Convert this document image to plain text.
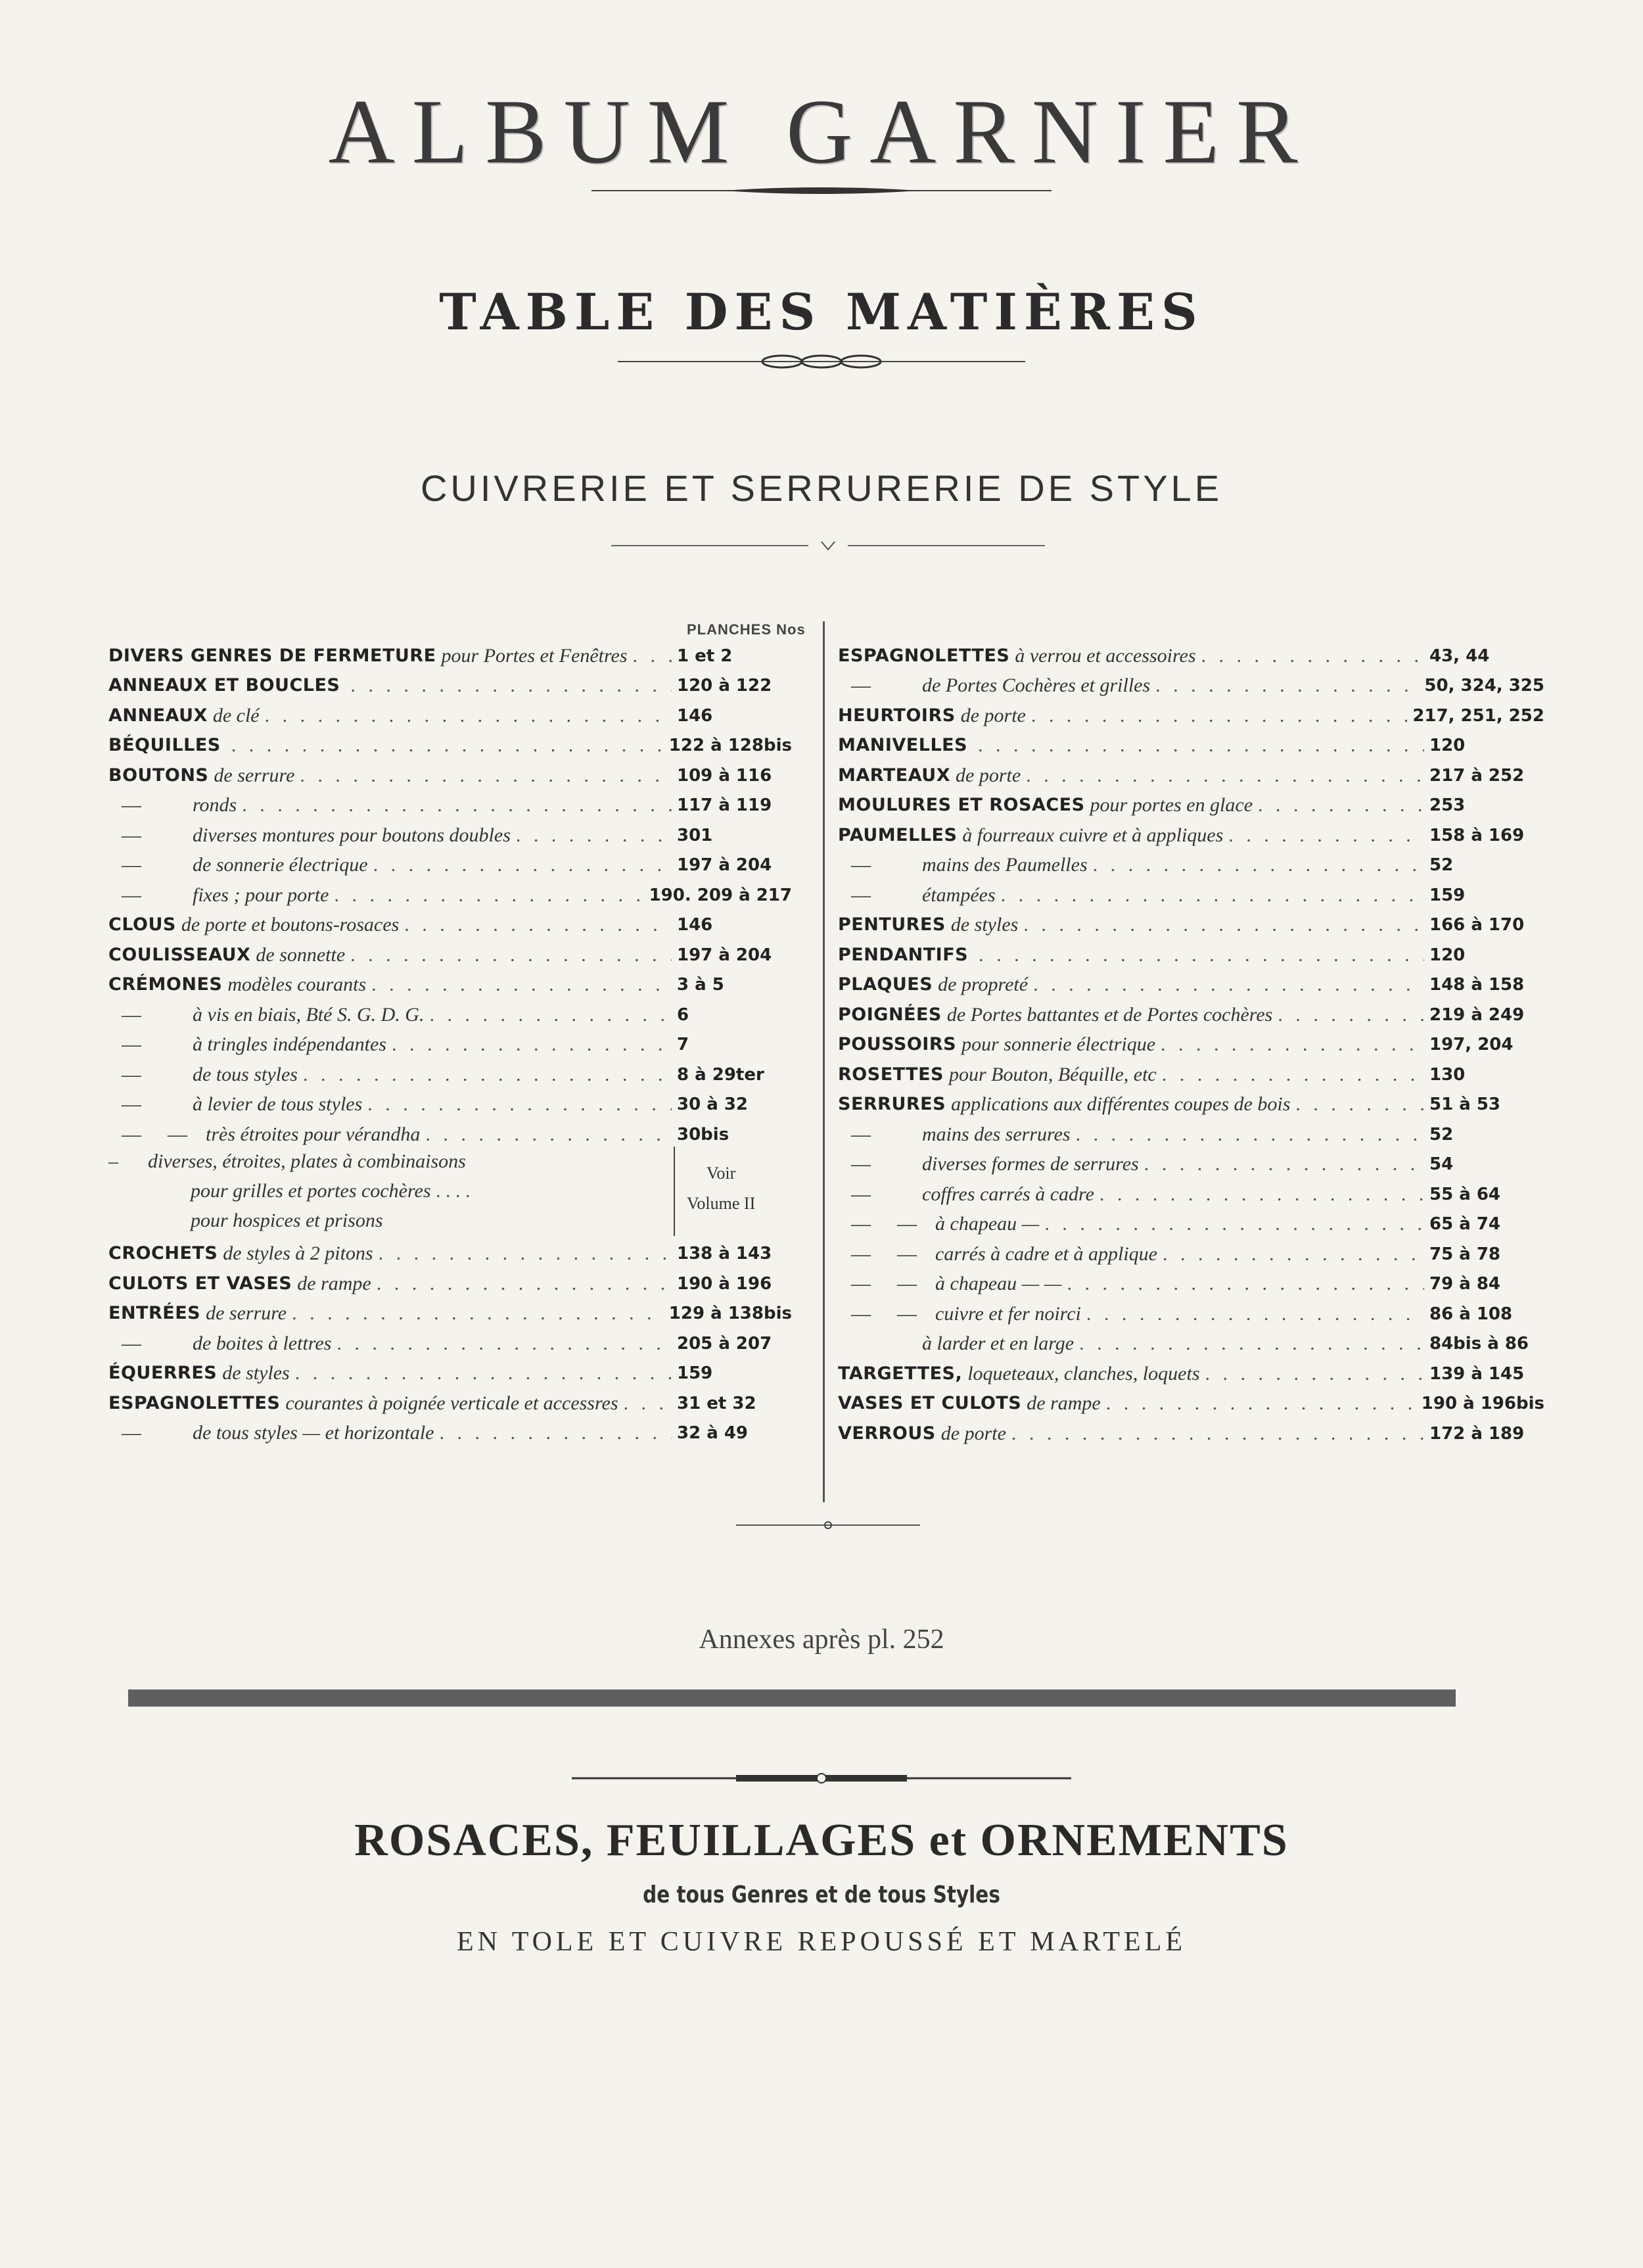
ALBUM GARNIER
TABLE DES MATIÈRES
CUIVRERIE ET SERRURERIE DE STYLE
PLANCHES Nos
DIVERS GENRES DE FERMETURE pour Portes et Fenêtres . . .	1 et 2
ANNEAUX ET BOUCLES . . .	120 à 122
ANNEAUX de clé . . .	146
BÉQUILLES . . .	122 à 128bis
BOUTONS de serrure . . .	109 à 116
—	ronds . . .	117 à 119
—	diverses montures pour boutons doubles . . .	301
—	de sonnerie électrique . . .	197 à 204
—	fixes ; pour porte . . .	190. 209 à 217
CLOUS de porte et boutons-rosaces . . .	146
COULISSEAUX de sonnette . . .	197 à 204
CRÉMONES modèles courants . . .	3 à 5
—	à vis en biais, Bté S. G. D. G. . . .	6
—	à tringles indépendantes . . .	7
—	de tous styles . . .	8 à 29ter
—	à levier de tous styles . . .	30 à 32
—	— très étroites pour vérandha . . .	30bis
– diverses, étroites, plates à combinaisons
pour grilles et portes cochères . . . .
pour hospices et prisons
Voir
Volume II
CROCHETS de styles à 2 pitons . . .	138 à 143
CULOTS ET VASES de rampe . . .	190 à 196
ENTRÉES de serrure . . .	129 à 138bis
—	de boites à lettres . . .	205 à 207
ÉQUERRES de styles . . .	159
ESPAGNOLETTES courantes à poignée verticale et accessres . . .	31 et 32
—	de tous styles — et horizontale . . .	32 à 49
ESPAGNOLETTES à verrou et accessoires . . .	43, 44
—	de Portes Cochères et grilles . . .	50, 324, 325
HEURTOIRS de porte . . .	217, 251, 252
MANIVELLES . . .	120
MARTEAUX de porte . . .	217 à 252
MOULURES ET ROSACES pour portes en glace . . .	253
PAUMELLES à fourreaux cuivre et à appliques . . .	158 à 169
—	mains des Paumelles . . .	52
—	étampées . . .	159
PENTURES de styles . . .	166 à 170
PENDANTIFS . . .	120
PLAQUES de propreté . . .	148 à 158
POIGNÉES de Portes battantes et de Portes cochères . . .	219 à 249
POUSSOIRS pour sonnerie électrique . . .	197, 204
ROSETTES pour Bouton, Béquille, etc . . .	130
SERRURES applications aux différentes coupes de bois . . .	51 à 53
—	mains des serrures . . .	52
—	diverses formes de serrures . . .	54
—	coffres carrés à cadre . . .	55 à 64
—	— à chapeau — . . .	65 à 74
—	— carrés à cadre et à applique . . .	75 à 78
—	— à chapeau — — . . .	79 à 84
—	— cuivre et fer noirci . . .	86 à 108
à larder et en large . . .	84bis à 86
TARGETTES, loqueteaux, clanches, loquets . . .	139 à 145
VASES ET CULOTS de rampe . . .	190 à 196bis
VERROUS de porte . . .	172 à 189
Annexes après pl. 252
ROSACES, FEUILLAGES et ORNEMENTS
de tous Genres et de tous Styles
EN TOLE ET CUIVRE REPOUSSÉ ET MARTELÉ
